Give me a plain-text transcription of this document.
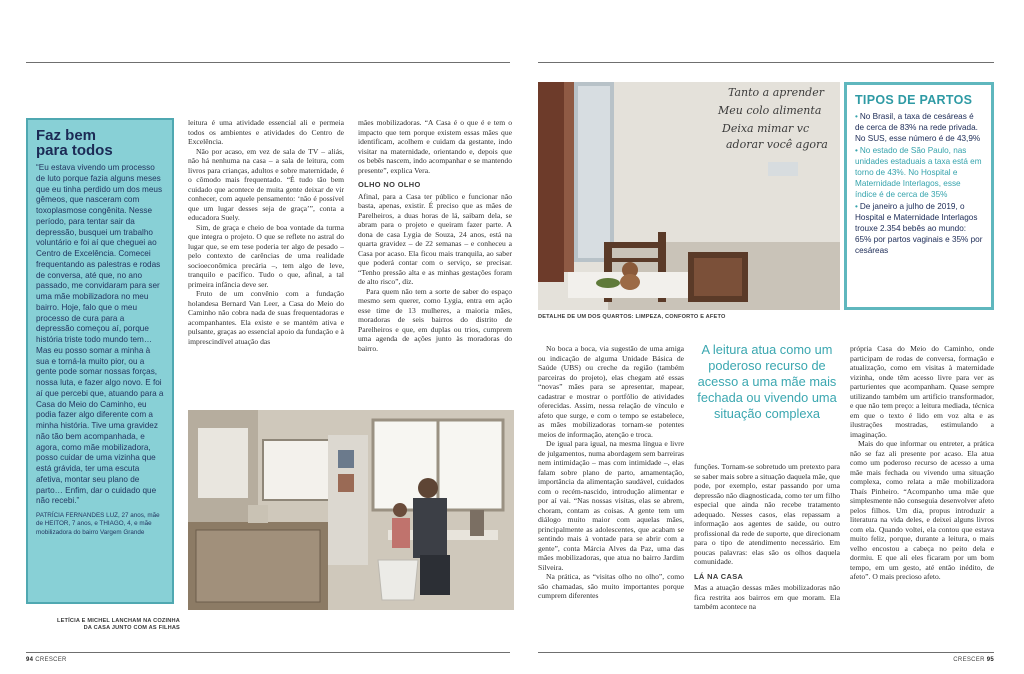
Faz bem
para todos

“Eu estava vivendo um processo de luto porque fazia alguns meses que eu tinha perdido um dos meus gêmeos, que nasceram com toxoplasmose congênita. Nesse período, para tentar sair da depressão, busquei um trabalho voluntário e foi aí que cheguei ao Centro de Excelência. Comecei frequentando as palestras e rodas de conversa, até que, no ano passado, me convidaram para ser uma mãe mobilizadora no meu bairro. Hoje, falo que o meu processo de cura para a depressão começou aí, porque história triste todo mundo tem… Mas eu posso somar a minha à sua e torná-la muito pior, ou a gente pode somar nossas forças, nossa luta, e fazer algo novo. E foi aí que percebi que, atuando para a Casa do Meio do Caminho, eu podia fazer algo diferente com a minha história. Tive uma gravidez não tão bem acompanhada, e agora, como mãe mobilizadora, posso cuidar de uma vizinha que está grávida, ter uma escuta afetiva, montar seu plano de parto… Enfim, dar o cuidado que não recebi.”

PATRÍCIA FERNANDES LUZ, 27 anos, mãe de HEITOR, 7 anos, e THIAGO, 4, e mãe mobilizadora do bairro Vargem Grande

leitura é uma atividade essencial ali e permeia todos os ambientes e atividades do Centro de Excelência.

Não por acaso, em vez de sala de TV – aliás, não há nenhuma na casa – a sala de leitura, com livros para crianças, adultos e sobre maternidade, é o cômodo mais frequentado. “É tudo tão bem cuidado que acontece de muita gente deixar de vir conhecer, com aquele pensamento: ‘não é possível que um lugar desses seja de graça’”, conta a educadora Suely.

Sim, de graça e cheio de boa vontade da turma que integra o projeto. O que se reflete no astral do lugar que, se em tese poderia ter algo de pesado – pelo contexto de carências de uma realidade socioeconômica precária –, tem algo de leve, tranquilo e pacífico. Tudo o que, afinal, a tal primeira infância deve ser.

Fruto de um convênio com a fundação holandesa Bernard Van Leer, a Casa do Meio do Caminho não cobra nada de suas frequentadoras e acompanhantes. Ela existe e se mantém ativa e pulsante, graças ao essencial apoio da fundação e à imprescindível atuação das

mães mobilizadoras. “A Casa é o que é e tem o impacto que tem porque existem essas mães que identificam, acolhem e cuidam da gestante, indo visitar na maternidade, orientando e, depois que os bebês nascem, indo acompanhar e se mantendo presente”, explica Vera.

OLHO NO OLHO

Afinal, para a Casa ter público e funcionar não basta, apenas, existir. É preciso que as mães de Parelheiros, a duas horas de lá, saibam dela, se abram para o projeto e queiram fazer parte. A dona de casa Lygia de Souza, 24 anos, está na quarta gravidez – de 22 semanas – e conheceu a Casa por acaso. Ela ficou mais tranquila, ao saber que poderá contar com o serviço, se precisar. “Tenho pressão alta e as minhas gestações foram de alto risco”, diz.

Para quem não tem a sorte de saber do espaço mesmo sem querer, como Lygia, entra em ação esse time de 13 mulheres, a maioria mães, moradoras de seis bairros do distrito de Parelheiros e que, em duplas ou trios, cumprem uma agenda de ações junto às moradoras do bairro.

LETÍCIA E MICHEL LANCHAM NA COZINHA DA CASA JUNTO COM AS FILHAS
Tanto a aprender
Meu colo alimenta
Deixa mimar vc
adorar você agora
DETALHE DE UM DOS QUARTOS: LIMPEZA, CONFORTO E AFETO
TIPOS DE PARTOS
• No Brasil, a taxa de cesáreas é de cerca de 83% na rede privada. No SUS, esse número é de 43,9%
• No estado de São Paulo, nas unidades estaduais a taxa está em torno de 43%. No Hospital e Maternidade Interlagos, esse índice é de cerca de 35%
• De janeiro a julho de 2019, o Hospital e Maternidade Interlagos trouxe 2.354 bebês ao mundo: 65% por partos vaginais e 35% por cesáreas

No boca a boca, via sugestão de uma amiga ou indicação de alguma Unidade Básica de Saúde (UBS) ou creche da região (também parceiras do projeto), elas chegam até essas “novas” mães para se apresentar, mapear, cadastrar e mostrar o portfólio de atividades oferecidas. Assim, nessa relação de vínculo e afeto que surge, e com o tempo se estabelece, as mães mobilizadoras tornam-se potentes meios de informação, atenção e troca.

De igual para igual, na mesma língua e livre de julgamentos, numa abordagem sem barreiras nem intimidação – mas com intimidade –, elas falam sobre plano de parto, amamentação, importância da alimentação saudável, cuidados com o recém-nascido, introdução alimentar e por aí vai. “Nas nossas visitas, elas se abrem, choram, contam as coisas. A gente tem um diálogo muito maior com aquelas mães, principalmente as adolescentes, que acabam se sentindo mais à vontade para se abrir com a gente”, conta Márcia Alves da Paz, uma das mães mobilizadoras, que atua no bairro Jardim Silveira.

Na prática, as “visitas olho no olho”, como são chamadas, são muito importantes porque cumprem diferentes

A leitura atua como um poderoso recurso de acesso a uma mãe mais fechada ou vivendo uma situação complexa

funções. Tornam-se sobretudo um pretexto para se saber mais sobre a situação daquela mãe, que pode, por exemplo, estar passando por uma depressão não diagnosticada, como ter um filho especial que ainda não recebe tratamento adequado. Nesses casos, elas repassam a informação aos agentes de saúde, ou outro profissional da rede de suporte, que direcionam para o tipo de atendimento necessário. Em poucas palavras: elas são os olhos daquela comunidade.

LÁ NA CASA

Mas a atuação dessas mães mobilizadoras não fica restrita aos bairros em que moram. Ela também acontece na

própria Casa do Meio do Caminho, onde participam de rodas de conversa, formação e atualização, como em visitas à maternidade vizinha, onde têm acesso livre para ver as parturientes que acompanham. Quase sempre utilizando também um artifício transformador, e que não tem preço: a leitura mediada, técnica em que o texto é lido em voz alta e as ilustrações mostradas, estimulando a imaginação.

Mais do que informar ou entreter, a prática não se faz ali presente por acaso. Ela atua como um poderoso recurso de acesso a uma mãe mais fechada ou vivendo uma situação complexa, como relata a mãe mobilizadora Thaís Pinheiro. “Acompanho uma mãe que simplesmente não conseguia desenvolver afeto pelos filhos. Um dia, propus introduzir a literatura na vida deles, e deixei alguns livros com ela. Quando voltei, ela contou que estava muito feliz, porque, durante a leitura, o mais velho encostou a cabeça no peito dela e dormiu. E que ali eles ficaram por um bom tempo, em um gesto, até então inédito, de afeto”. O mais precioso afeto.

94 CRESCER	CRESCER 95
